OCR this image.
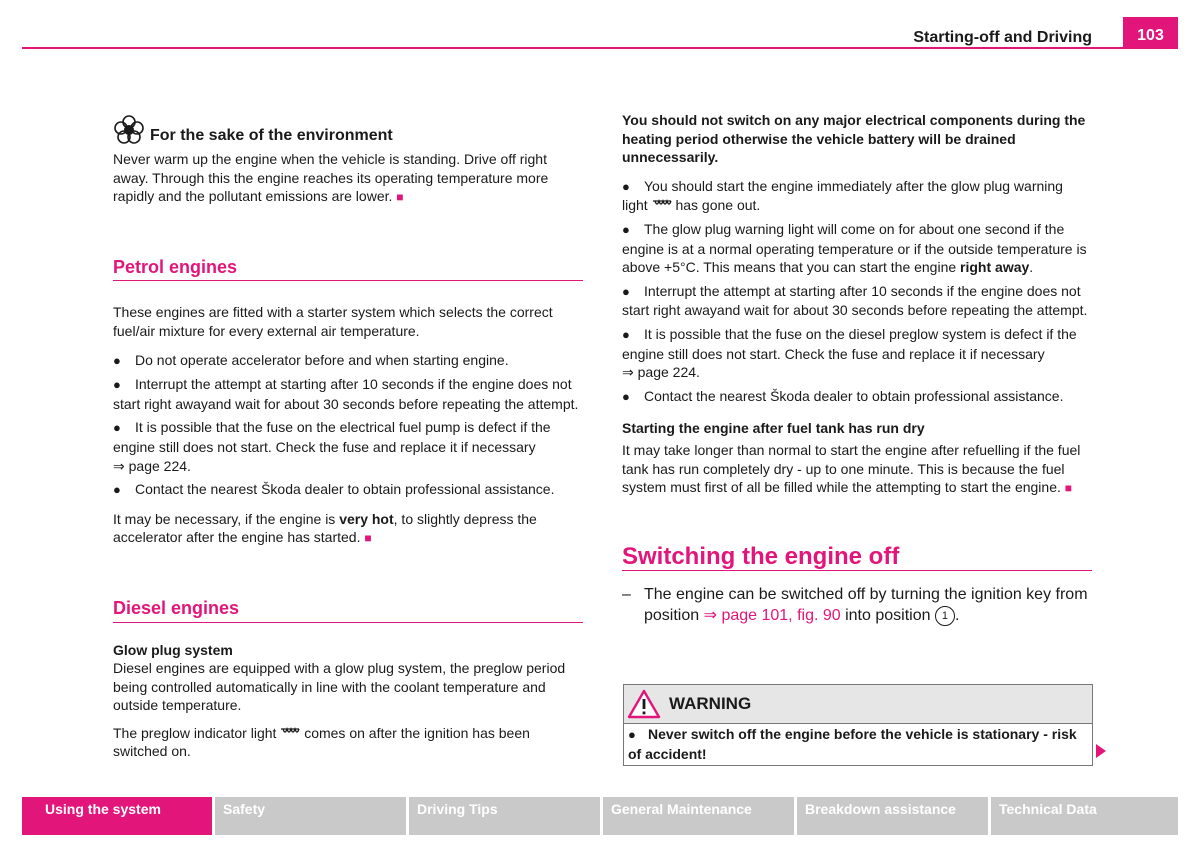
Starting-off and Driving	103
For the sake of the environment

Never warm up the engine when the vehicle is standing. Drive off right away. Through this the engine reaches its operating temperature more rapidly and the pollutant emissions are lower. ■

Petrol engines

These engines are fitted with a starter system which selects the correct fuel/air mixture for every external air temperature.

● Do not operate accelerator before and when starting engine.

● Interrupt the attempt at starting after 10 seconds if the engine does not start right awayand wait for about 30 seconds before repeating the attempt.

● It is possible that the fuse on the electrical fuel pump is defect if the engine still does not start. Check the fuse and replace it if necessary
⇒ page 224.

● Contact the nearest Škoda dealer to obtain professional assistance.

It may be necessary, if the engine is very hot, to slightly depress the accelerator after the engine has started. ■

Diesel engines

Glow plug system

Diesel engines are equipped with a glow plug system, the preglow period being controlled automatically in line with the coolant temperature and outside temperature.

The preglow indicator light  comes on after the ignition has been switched on.

You should not switch on any major electrical components during the heating period otherwise the vehicle battery will be drained unnecessarily.

● You should start the engine immediately after the glow plug warning light  has gone out.

● The glow plug warning light will come on for about one second if the engine is at a normal operating temperature or if the outside temperature is above +5°C. This means that you can start the engine right away.

● Interrupt the attempt at starting after 10 seconds if the engine does not start right awayand wait for about 30 seconds before repeating the attempt.

● It is possible that the fuse on the diesel preglow system is defect if the engine still does not start. Check the fuse and replace it if necessary
⇒ page 224.

● Contact the nearest Škoda dealer to obtain professional assistance.

Starting the engine after fuel tank has run dry

It may take longer than normal to start the engine after refuelling if the fuel tank has run completely dry - up to one minute. This is because the fuel system must first of all be filled while the attempting to start the engine. ■

Switching the engine off
– The engine can be switched off by turning the ignition key from position ⇒ page 101, fig. 90 into position 1 .
WARNING
● Never switch off the engine before the vehicle is stationary - risk of accident!
Using the system	Safety	Driving Tips	General Maintenance	Breakdown assistance	Technical Data
